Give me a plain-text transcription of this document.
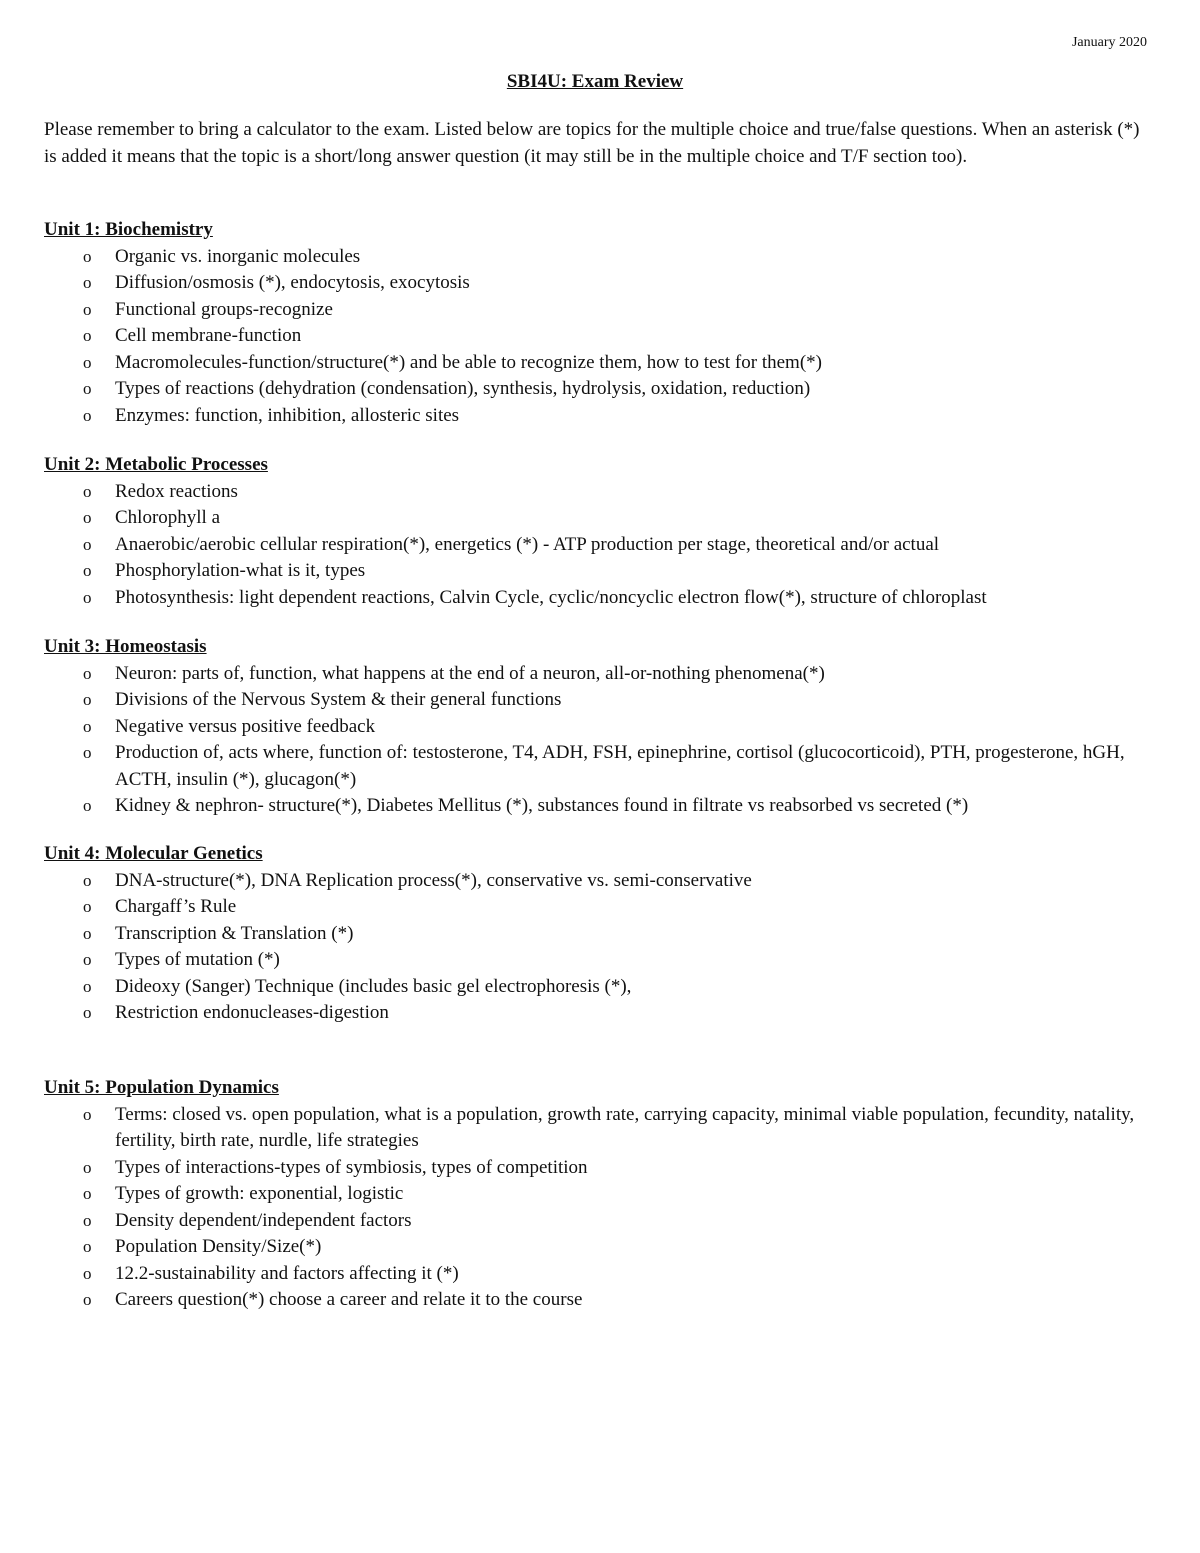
January 2020
SBI4U: Exam Review

Please remember to bring a calculator to the exam. Listed below are topics for the multiple choice and true/false questions. When an asterisk (*) is added it means that the topic is a short/long answer question (it may still be in the multiple choice and T/F section too).

Unit 1: Biochemistry

o Organic vs. inorganic molecules
o Diffusion/osmosis (*), endocytosis, exocytosis
o Functional groups-recognize
o Cell membrane-function
o Macromolecules-function/structure(*) and be able to recognize them, how to test for them(*)
o Types of reactions (dehydration (condensation), synthesis, hydrolysis, oxidation, reduction)
o Enzymes: function, inhibition, allosteric sites

Unit 2: Metabolic Processes

o Redox reactions
o Chlorophyll a
o Anaerobic/aerobic cellular respiration(*), energetics (*) - ATP production per stage, theoretical and/or actual
o Phosphorylation-what is it, types
o Photosynthesis: light dependent reactions, Calvin Cycle, cyclic/noncyclic electron flow(*), structure of chloroplast

Unit 3: Homeostasis

o Neuron: parts of, function, what happens at the end of a neuron, all-or-nothing phenomena(*)
o Divisions of the Nervous System & their general functions
o Negative versus positive feedback
o Production of, acts where, function of: testosterone, T4, ADH, FSH, epinephrine, cortisol (glucocorticoid), PTH, progesterone, hGH, ACTH, insulin (*), glucagon(*)
o Kidney & nephron- structure(*), Diabetes Mellitus (*), substances found in filtrate vs reabsorbed vs secreted (*)

Unit 4: Molecular Genetics

o DNA-structure(*), DNA Replication process(*), conservative vs. semi-conservative
o Chargaff’s Rule
o Transcription & Translation (*)
o Types of mutation (*)
o Dideoxy (Sanger) Technique (includes basic gel electrophoresis (*),
o Restriction endonucleases-digestion

Unit 5: Population Dynamics

o Terms: closed vs. open population, what is a population, growth rate, carrying capacity, minimal viable population, fecundity, natality, fertility, birth rate, nurdle, life strategies
o Types of interactions-types of symbiosis, types of competition
o Types of growth: exponential, logistic
o Density dependent/independent factors
o Population Density/Size(*)
o 12.2-sustainability and factors affecting it (*)
o Careers question(*) choose a career and relate it to the course
